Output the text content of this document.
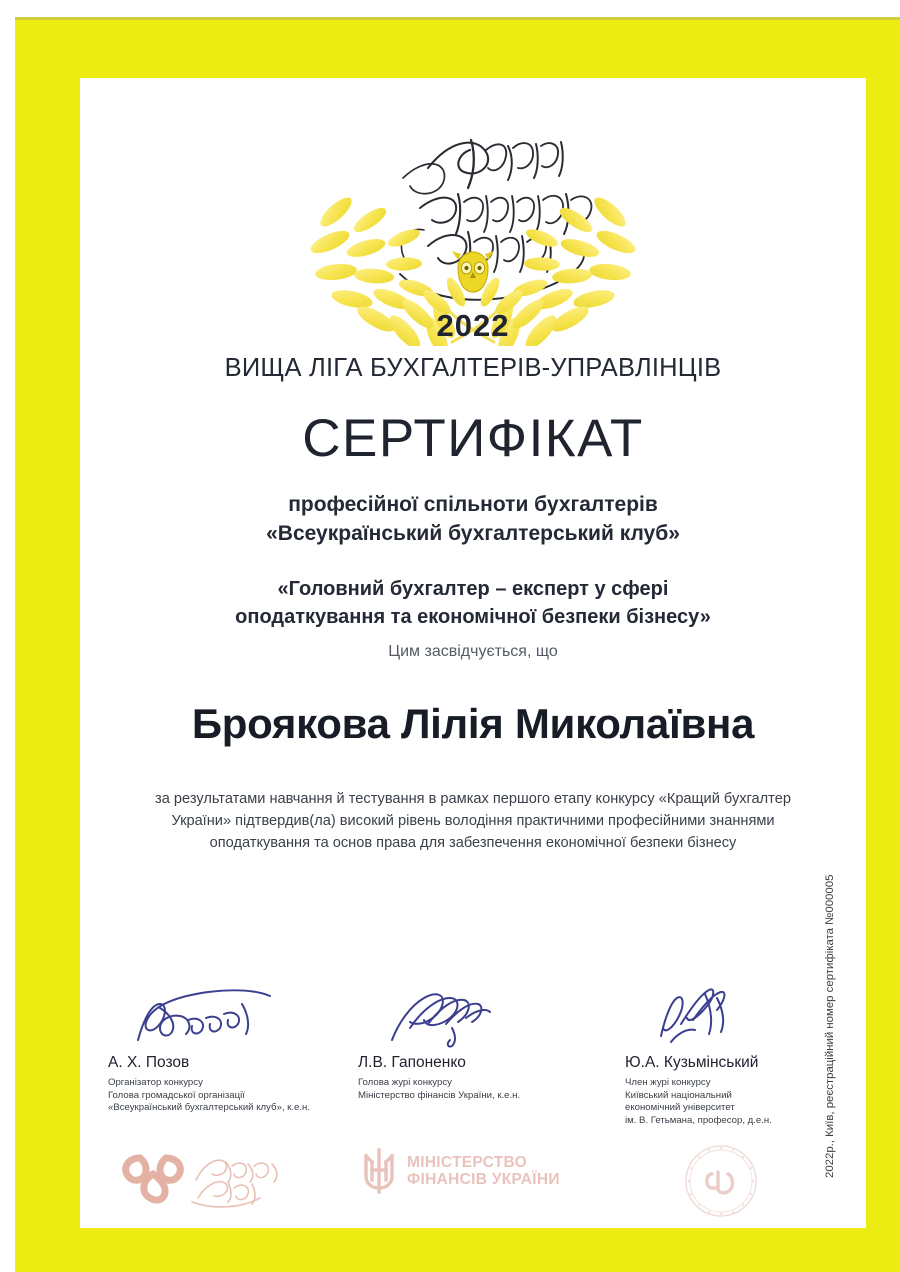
2022
ВИЩА ЛІГА БУХГАЛТЕРІВ-УПРАВЛІНЦІВ
СЕРТИФІКАТ
професійної спільноти бухгалтерів
«Всеукраїнський бухгалтерський клуб»
«Головний бухгалтер – експерт у сфері
оподаткування та економічної безпеки бізнесу»
Цим засвідчується, що
Броякова Лілія Миколаївна

за результатами навчання й тестування в рамках першого етапу конкурсу «Кращий бухгалтер

України» підтвердив(ла) високий рівень володіння практичними професійними знаннями

оподаткування та основ права для забезпечення економічної безпеки бізнесу

А. Х. Позов
Організатор конкурсу
Голова громадської організації
«Всеукраїнський бухгалтерський клуб», к.е.н.
Л.В. Гапоненко
Голова журі конкурсу
Міністерство фінансів України, к.е.н.
Ю.А. Кузьмінський
Член журі конкурсу
Київський національний
економічний університет
ім. В. Гетьмана, професор, д.е.н.
МІНІСТЕРСТВО
ФІНАНСІВ УКРАЇНИ
2022р., Київ, реєстраційний номер сертифіката №000005
